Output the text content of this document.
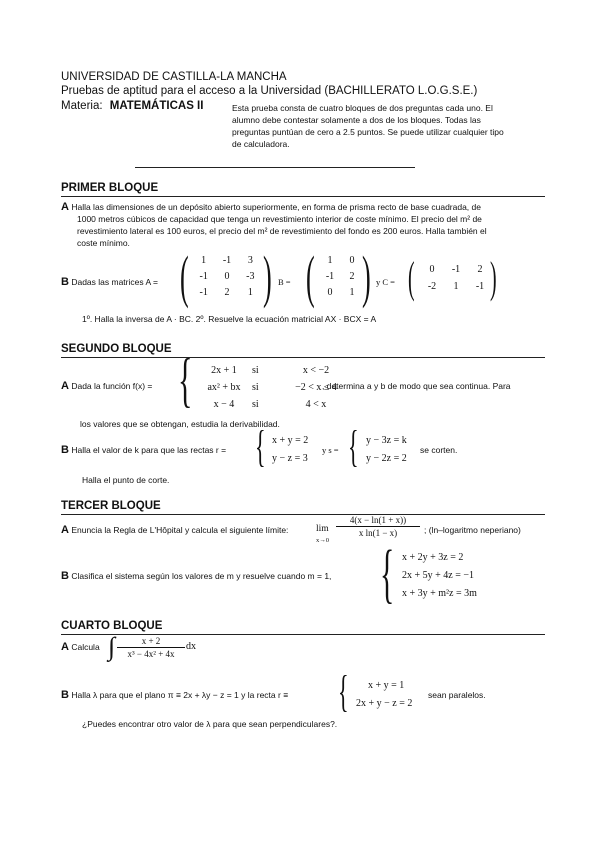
UNIVERSIDAD DE CASTILLA-LA MANCHA
Pruebas de aptitud para el acceso a la Universidad (BACHILLERATO L.O.G.S.E.)
Materia: MATEMÁTICAS II	Esta prueba consta de cuatro bloques de dos preguntas cada uno. El
alumno debe contestar solamente a dos de los bloques. Todas las
preguntas puntúan de cero a 2.5 puntos. Se puede utilizar cualquier tipo
de calculadora.
PRIMER BLOQUE
A Halla las dimensiones de un depósito abierto superiormente, en forma de prisma recto de base cuadrada, de
1000 metros cúbicos de capacidad que tenga un revestimiento interior de coste mínimo. El precio del m² de
revestimiento lateral es 100 euros, el precio del m² de revestimiento del fondo es 200 euros. Halla también el
coste mínimo.
B Dadas las matrices A = (	1	-1	3
-1	0	-3
-1	2	1 ) B = (	1	0
-1	2
0	1 ) y C = (	0	-1	2
-2	1	-1 )
1º. Halla la inversa de A · BC. 2º. Resuelve la ecuación matricial AX · BCX = A
SEGUNDO BLOQUE
A Dada la función f(x) = {	2x + 1	si	x < −2
ax² + bx	si	−2 < x ≤ 4
x − 4	si	4 < x
, determina a y b de modo que sea continua. Para
los valores que se obtengan, estudia la derivabilidad.
B Halla el valor de k para que las rectas r = { x + y = 2
y − z = 3
y s = { y − 3z = k
y − 2z = 2
se corten.
Halla el punto de corte.
TERCER BLOQUE
A Enuncia la Regla de L'Hôpital y calcula el siguiente límite:	lim
x→0
4(x − ln(1 + x))
x ln(1 − x)	; (ln–logaritmo neperiano)
B Clasifica el sistema según los valores de m y resuelve cuando m = 1, { x + 2y + 3z = 2
2x + 5y + 4z = −1
x + 3y + m²z = 3m
CUARTO BLOQUE
A Calcula ∫	x + 2
x³ − 4x² + 4x
dx
B Halla λ para que el plano π ≡ 2x + λy − z = 1 y la recta r ≡ {	x + y = 1
2x + y − z = 2
sean paralelos.
¿Puedes encontrar otro valor de λ para que sean perpendiculares?.
